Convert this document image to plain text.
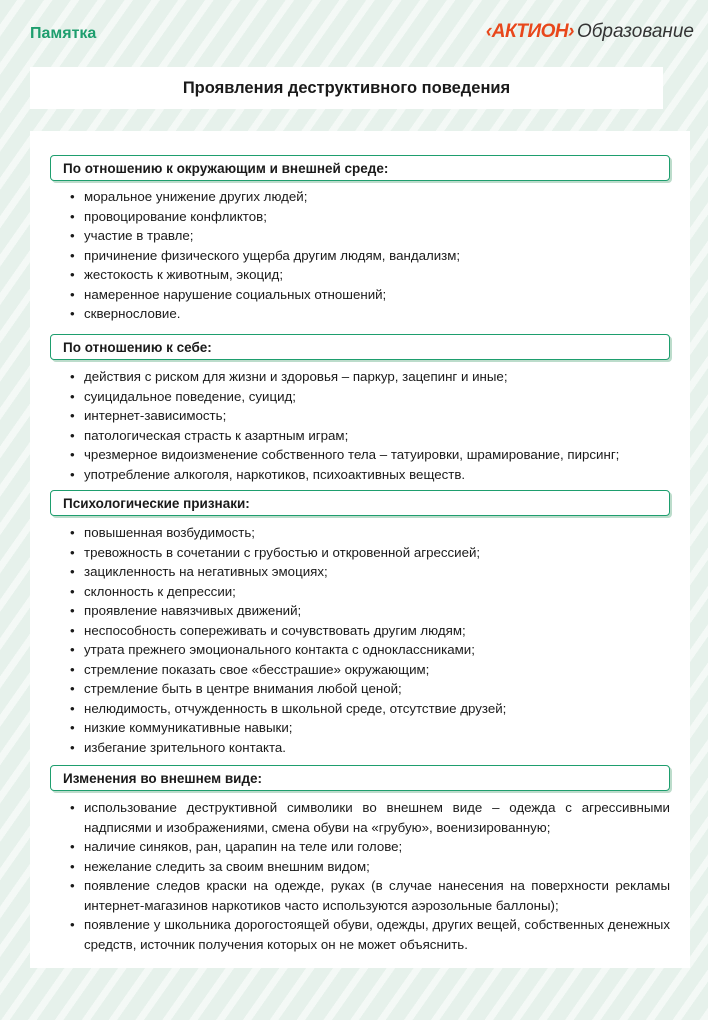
Памятка	‹АКТИОН› Образование
Проявления деструктивного поведения
По отношению к окружающим и внешней среде:
• моральное унижение других людей;
• провоцирование конфликтов;
• участие в травле;
• причинение физического ущерба другим людям, вандализм;
• жестокость к животным, экоцид;
• намеренное нарушение социальных отношений;
• сквернословие.
По отношению к себе:
• действия с риском для жизни и здоровья – паркур, зацепинг и иные;
• суицидальное поведение, суицид;
• интернет-зависимость;
• патологическая страсть к азартным играм;
• чрезмерное видоизменение собственного тела – татуировки, шрамирование, пирсинг;
• употребление алкоголя, наркотиков, психоактивных веществ.
Психологические признаки:
• повышенная возбудимость;
• тревожность в сочетании с грубостью и откровенной агрессией;
• зацикленность на негативных эмоциях;
• склонность к депрессии;
• проявление навязчивых движений;
• неспособность сопереживать и сочувствовать другим людям;
• утрата прежнего эмоционального контакта с одноклассниками;
• стремление показать свое «бесстрашие» окружающим;
• стремление быть в центре внимания любой ценой;
• нелюдимость, отчужденность в школьной среде, отсутствие друзей;
• низкие коммуникативные навыки;
• избегание зрительного контакта.
Изменения во внешнем виде:
• использование деструктивной символики во внешнем виде – одежда с агрессивными надписями и изображениями, смена обуви на «грубую», военизированную;
• наличие синяков, ран, царапин на теле или голове;
• нежелание следить за своим внешним видом;
• появление следов краски на одежде, руках (в случае нанесения на поверхности рекламы интернет-магазинов наркотиков часто используются аэрозольные баллоны);
• появление у школьника дорогостоящей обуви, одежды, других вещей, собственных денежных средств, источник получения которых он не может объяснить.
